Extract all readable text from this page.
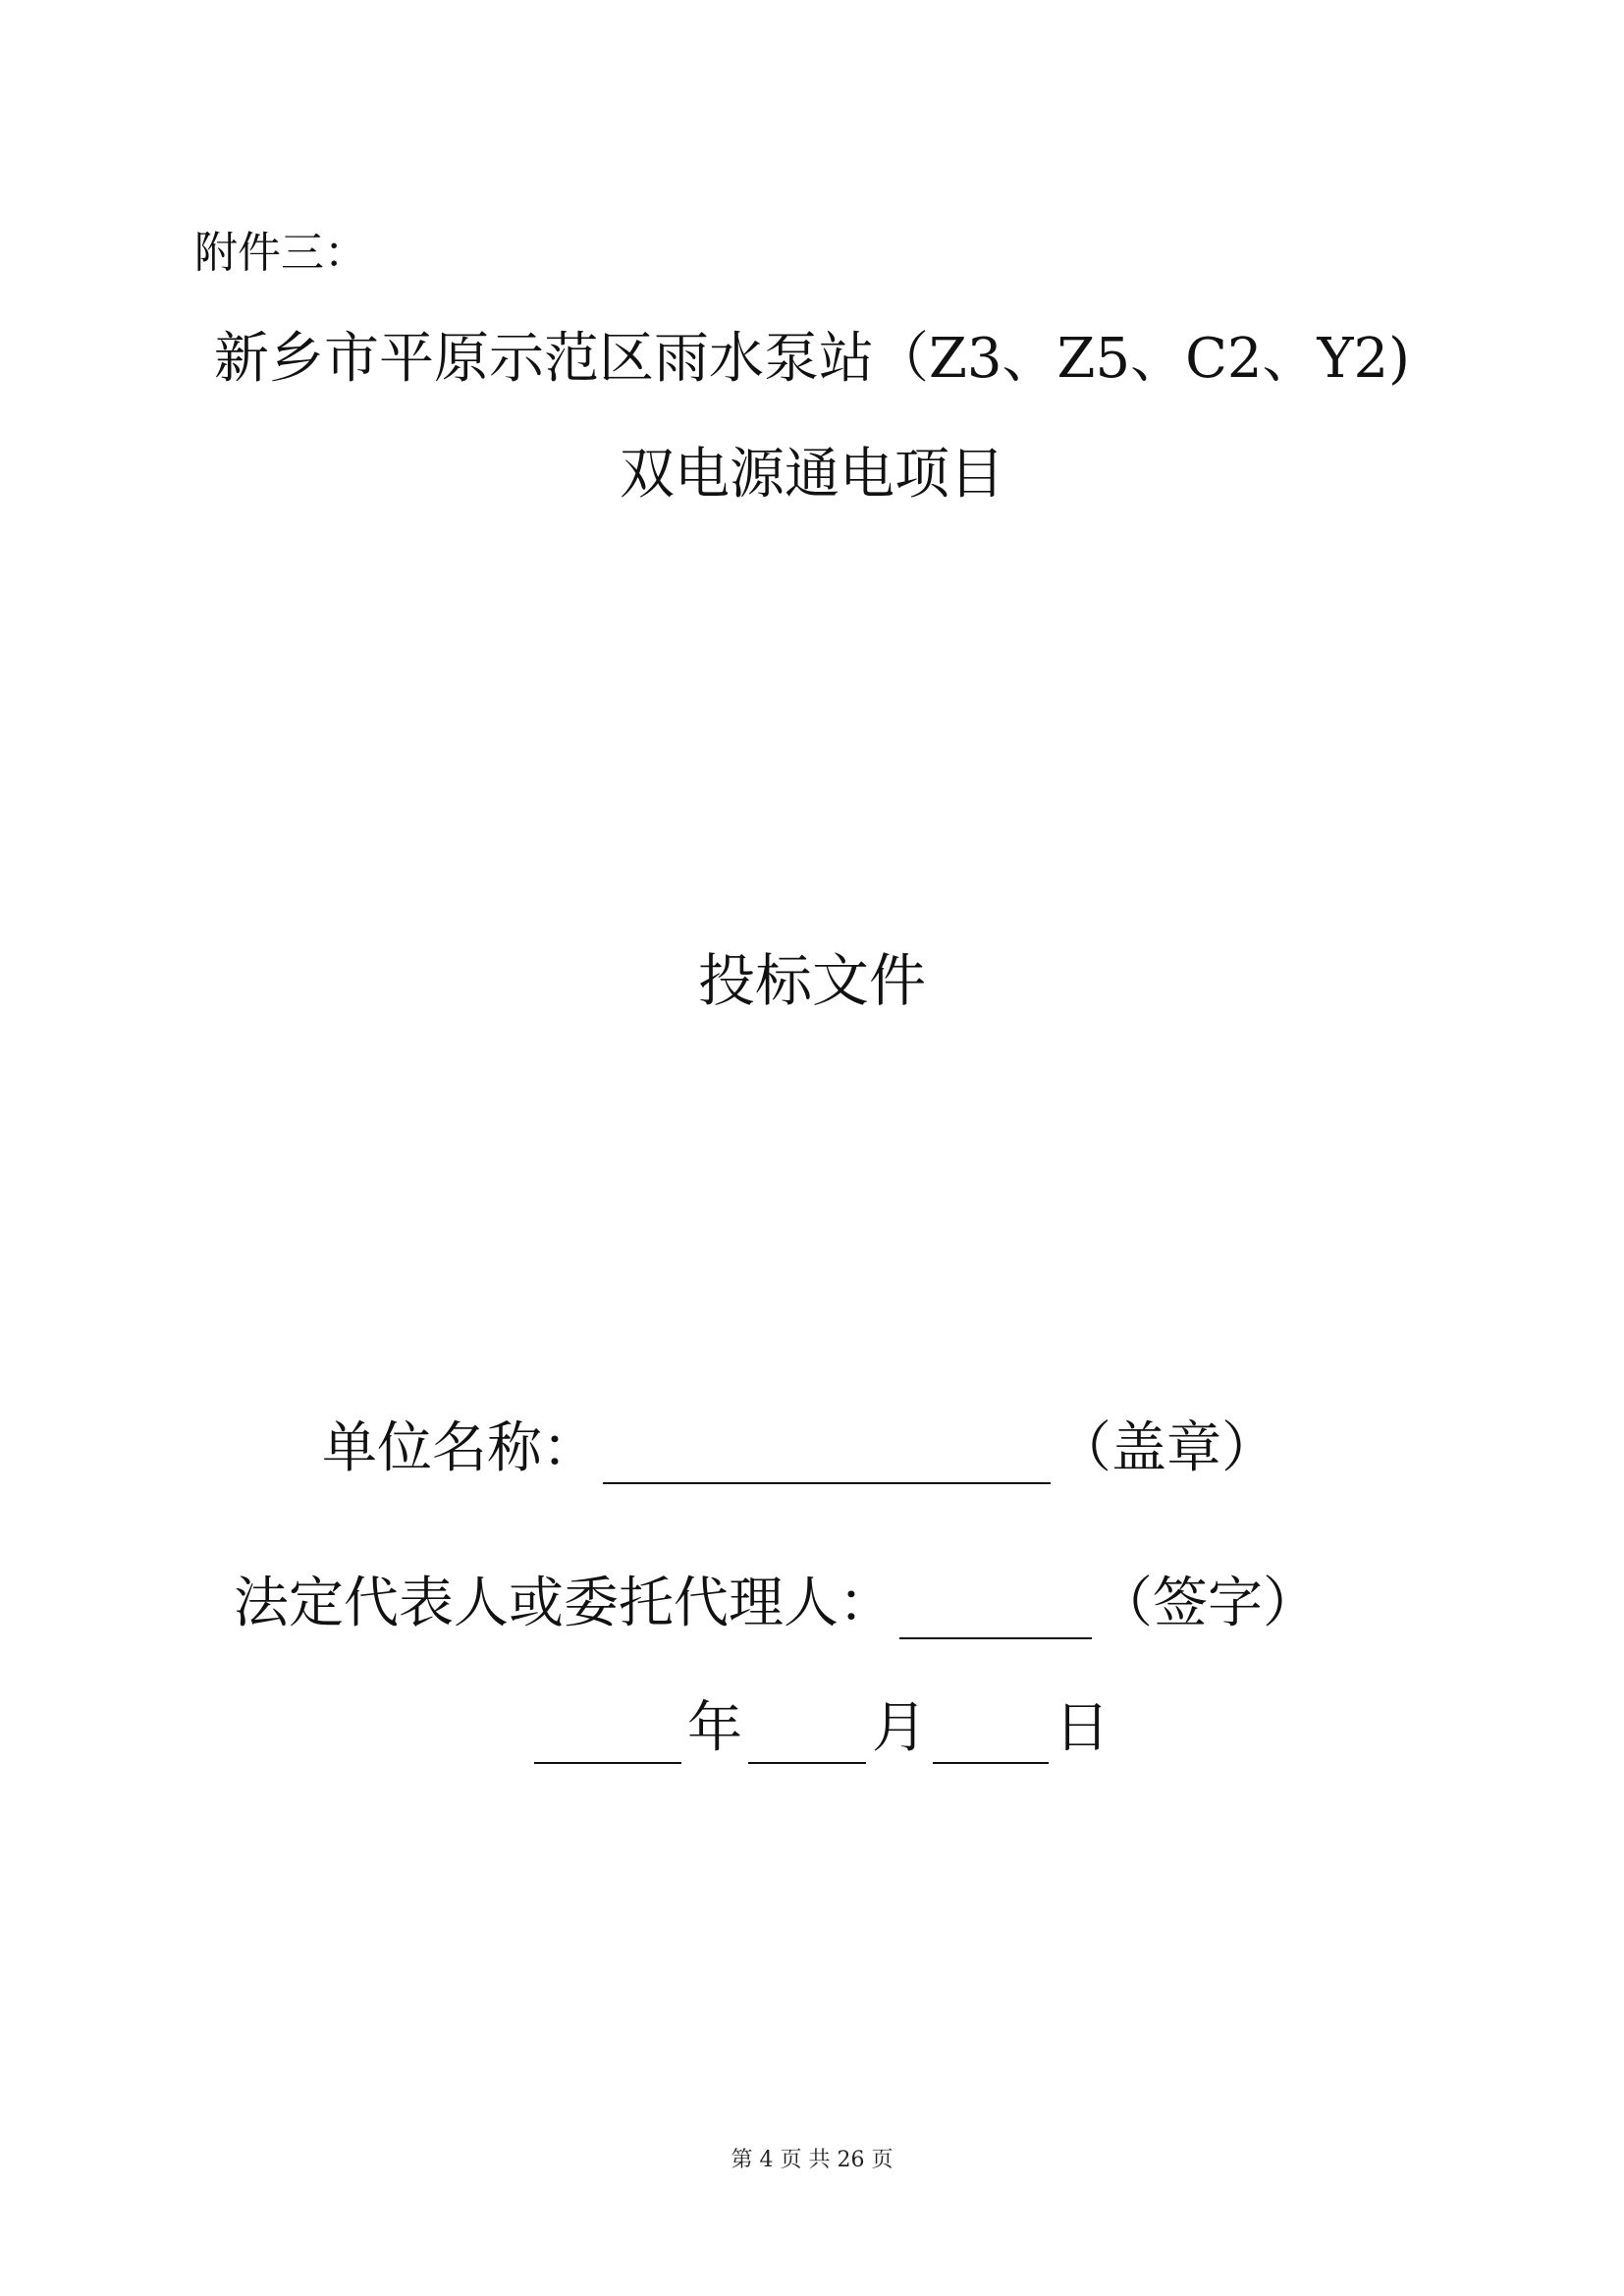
附件三：
新乡市平原示范区雨水泵站（Z3、Z5、C2、Y2)
双电源通电项目
投标文件
单位名称：	（盖章）
法定代表人或委托代理人：	（签字）
年 月 日
第 4 页 共 26 页
